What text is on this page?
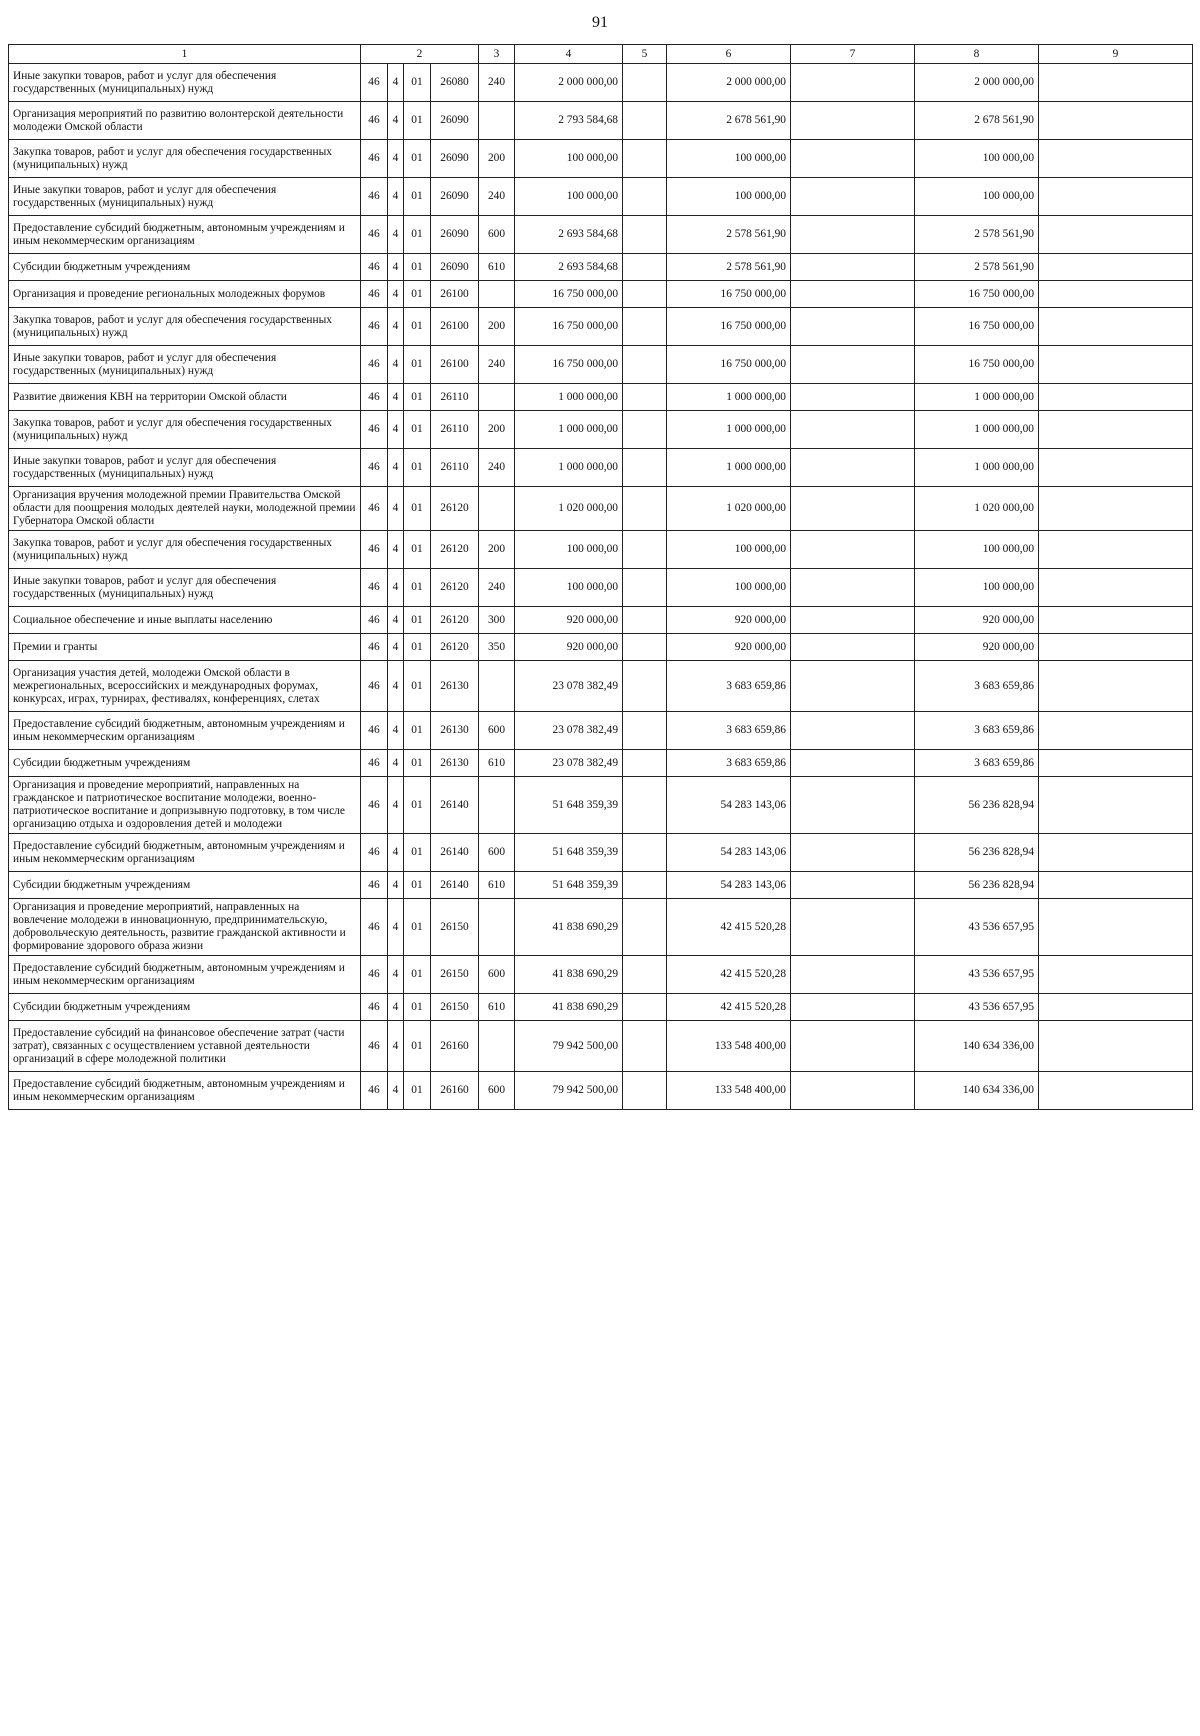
91
1	2				3	4	5	6	7	8	9
Иные закупки товаров, работ и услуг для обеспечения государственных (муниципальных) нужд	46	4	01	26080	240	2 000 000,00		2 000 000,00		2 000 000,00	
Организация мероприятий по развитию волонтерской деятельности молодежи Омской области	46	4	01	26090		2 793 584,68		2 678 561,90		2 678 561,90	
Закупка товаров, работ и услуг для обеспечения государственных (муниципальных) нужд	46	4	01	26090	200	100 000,00		100 000,00		100 000,00	
Иные закупки товаров, работ и услуг для обеспечения государственных (муниципальных) нужд	46	4	01	26090	240	100 000,00		100 000,00		100 000,00	
Предоставление субсидий бюджетным, автономным учреждениям и иным некоммерческим организациям	46	4	01	26090	600	2 693 584,68		2 578 561,90		2 578 561,90	
Субсидии бюджетным учреждениям	46	4	01	26090	610	2 693 584,68		2 578 561,90		2 578 561,90	
Организация и проведение региональных молодежных форумов	46	4	01	26100		16 750 000,00		16 750 000,00		16 750 000,00	
Закупка товаров, работ и услуг для обеспечения государственных (муниципальных) нужд	46	4	01	26100	200	16 750 000,00		16 750 000,00		16 750 000,00	
Иные закупки товаров, работ и услуг для обеспечения государственных (муниципальных) нужд	46	4	01	26100	240	16 750 000,00		16 750 000,00		16 750 000,00	
Развитие движения КВН на территории Омской области	46	4	01	26110		1 000 000,00		1 000 000,00		1 000 000,00	
Закупка товаров, работ и услуг для обеспечения государственных (муниципальных) нужд	46	4	01	26110	200	1 000 000,00		1 000 000,00		1 000 000,00	
Иные закупки товаров, работ и услуг для обеспечения государственных (муниципальных) нужд	46	4	01	26110	240	1 000 000,00		1 000 000,00		1 000 000,00	
Организация вручения молодежной премии Правительства Омской области для поощрения молодых деятелей науки, молодежной премии Губернатора Омской области	46	4	01	26120		1 020 000,00		1 020 000,00		1 020 000,00	
Закупка товаров, работ и услуг для обеспечения государственных (муниципальных) нужд	46	4	01	26120	200	100 000,00		100 000,00		100 000,00	
Иные закупки товаров, работ и услуг для обеспечения государственных (муниципальных) нужд	46	4	01	26120	240	100 000,00		100 000,00		100 000,00	
Социальное обеспечение и иные выплаты населению	46	4	01	26120	300	920 000,00		920 000,00		920 000,00	
Премии и гранты	46	4	01	26120	350	920 000,00		920 000,00		920 000,00	
Организация участия детей, молодежи Омской области в межрегиональных, всероссийских и международных форумах, конкурсах, играх, турнирах, фестивалях, конференциях, слетах	46	4	01	26130		23 078 382,49		3 683 659,86		3 683 659,86	
Предоставление субсидий бюджетным, автономным учреждениям и иным некоммерческим организациям	46	4	01	26130	600	23 078 382,49		3 683 659,86		3 683 659,86	
Субсидии бюджетным учреждениям	46	4	01	26130	610	23 078 382,49		3 683 659,86		3 683 659,86	
Организация и проведение мероприятий, направленных на гражданское и патриотическое воспитание молодежи, военно-патриотическое воспитание и допризывную подготовку, в том числе организацию отдыха и оздоровления детей и молодежи	46	4	01	26140		51 648 359,39		54 283 143,06		56 236 828,94	
Предоставление субсидий бюджетным, автономным учреждениям и иным некоммерческим организациям	46	4	01	26140	600	51 648 359,39		54 283 143,06		56 236 828,94	
Субсидии бюджетным учреждениям	46	4	01	26140	610	51 648 359,39		54 283 143,06		56 236 828,94	
Организация и проведение мероприятий, направленных на вовлечение молодежи в инновационную, предпринимательскую, добровольческую деятельность, развитие гражданской активности и формирование здорового образа жизни	46	4	01	26150		41 838 690,29		42 415 520,28		43 536 657,95	
Предоставление субсидий бюджетным, автономным учреждениям и иным некоммерческим организациям	46	4	01	26150	600	41 838 690,29		42 415 520,28		43 536 657,95	
Субсидии бюджетным учреждениям	46	4	01	26150	610	41 838 690,29		42 415 520,28		43 536 657,95	
Предоставление субсидий на финансовое обеспечение затрат (части затрат), связанных с осуществлением уставной деятельности организаций в сфере молодежной политики	46	4	01	26160		79 942 500,00		133 548 400,00		140 634 336,00	
Предоставление субсидий бюджетным, автономным учреждениям и иным некоммерческим организациям	46	4	01	26160	600	79 942 500,00		133 548 400,00		140 634 336,00	
